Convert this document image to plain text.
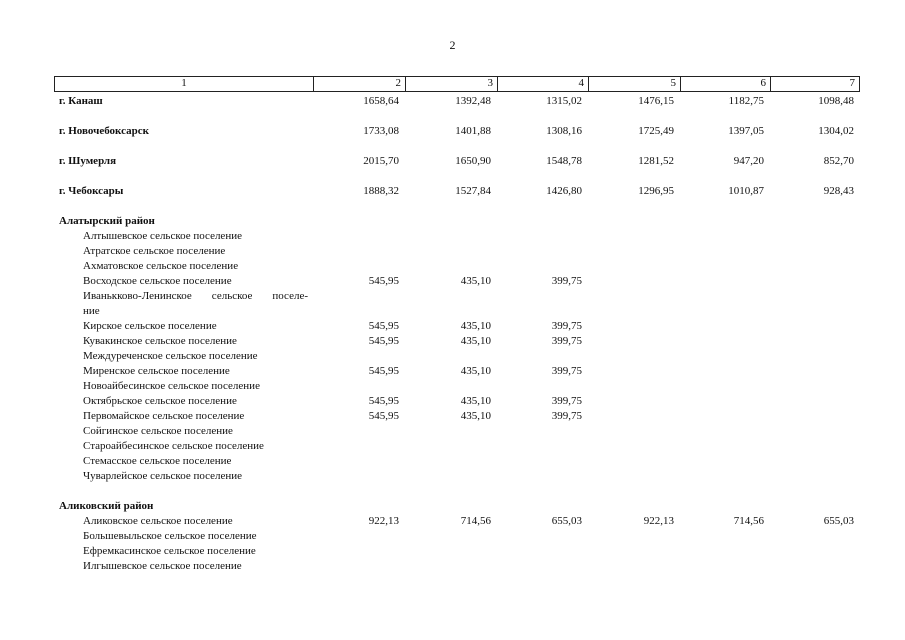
2
1	2	3	4	5	6	7
г. Канаш	1658,64	1392,48	1315,02	1476,15	1182,75	1098,48
г. Новочебоксарск	1733,08	1401,88	1308,16	1725,49	1397,05	1304,02
г. Шумерля	2015,70	1650,90	1548,78	1281,52	947,20	852,70
г. Чебоксары	1888,32	1527,84	1426,80	1296,95	1010,87	928,43
Алатырский район
Алтышевское сельское поселение
Атратское сельское поселение
Ахматовское сельское поселение
Восходское сельское поселение	545,95	435,10	399,75
Иванькково-Ленинское сельское поселе-
ние
Кирское сельское поселение	545,95	435,10	399,75
Кувакинское сельское поселение	545,95	435,10	399,75
Междуреченское сельское поселение
Миренское сельское поселение	545,95	435,10	399,75
Новоайбесинское сельское поселение
Октябрьское сельское поселение	545,95	435,10	399,75
Первомайское сельское поселение	545,95	435,10	399,75
Сойгинское сельское поселение
Староайбесинское сельское поселение
Стемасское сельское поселение
Чуварлейское сельское поселение
Аликовский район
Аликовское сельское поселение	922,13	714,56	655,03	922,13	714,56	655,03
Большевыльское сельское поселение
Ефремкасинское сельское поселение
Илгышевское сельское поселение
